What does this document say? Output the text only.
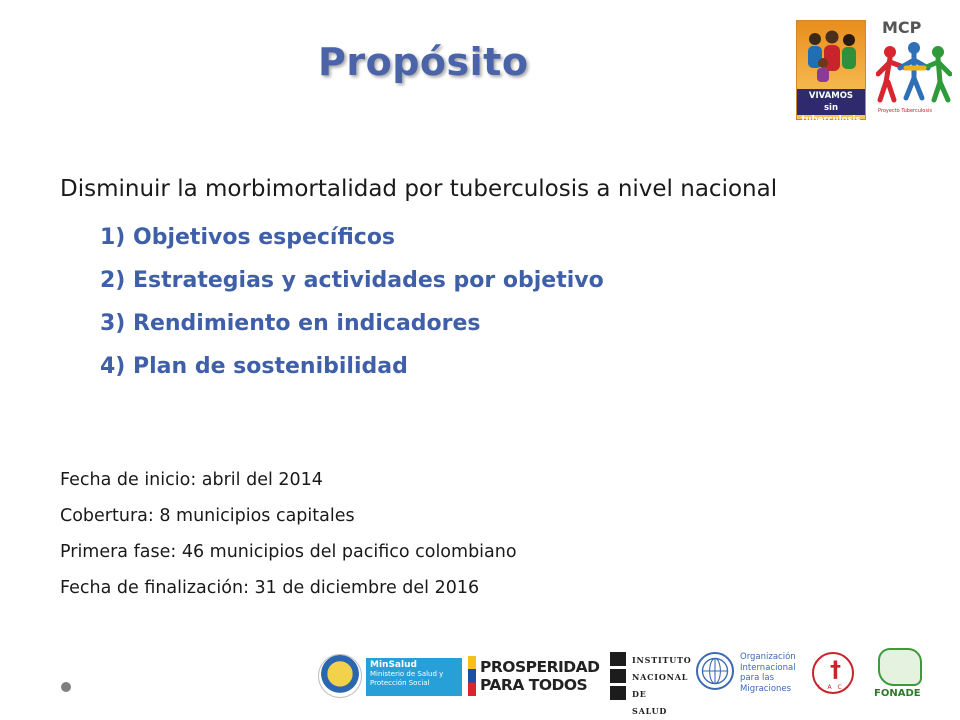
Propósito
VIVAMOS
sin tuberculosis
MCP
Proyecto Tuberculosis

Disminuir la morbimortalidad por tuberculosis a nivel nacional

1) Objetivos específicos
2) Estrategias y actividades por objetivo
3) Rendimiento en indicadores
4) Plan de sostenibilidad
Fecha de inicio: abril del 2014
Cobertura: 8 municipios capitales
Primera fase: 46 municipios del pacifico colombiano
Fecha de finalización: 31 de diciembre del 2016
MinSalud
Ministerio de Salud y Protección Social
PROSPERIDAD
PARA TODOS
INSTITUTO
NACIONAL DE
SALUD
Organización Internacional para las Migraciones
†
LAC
FONADE
